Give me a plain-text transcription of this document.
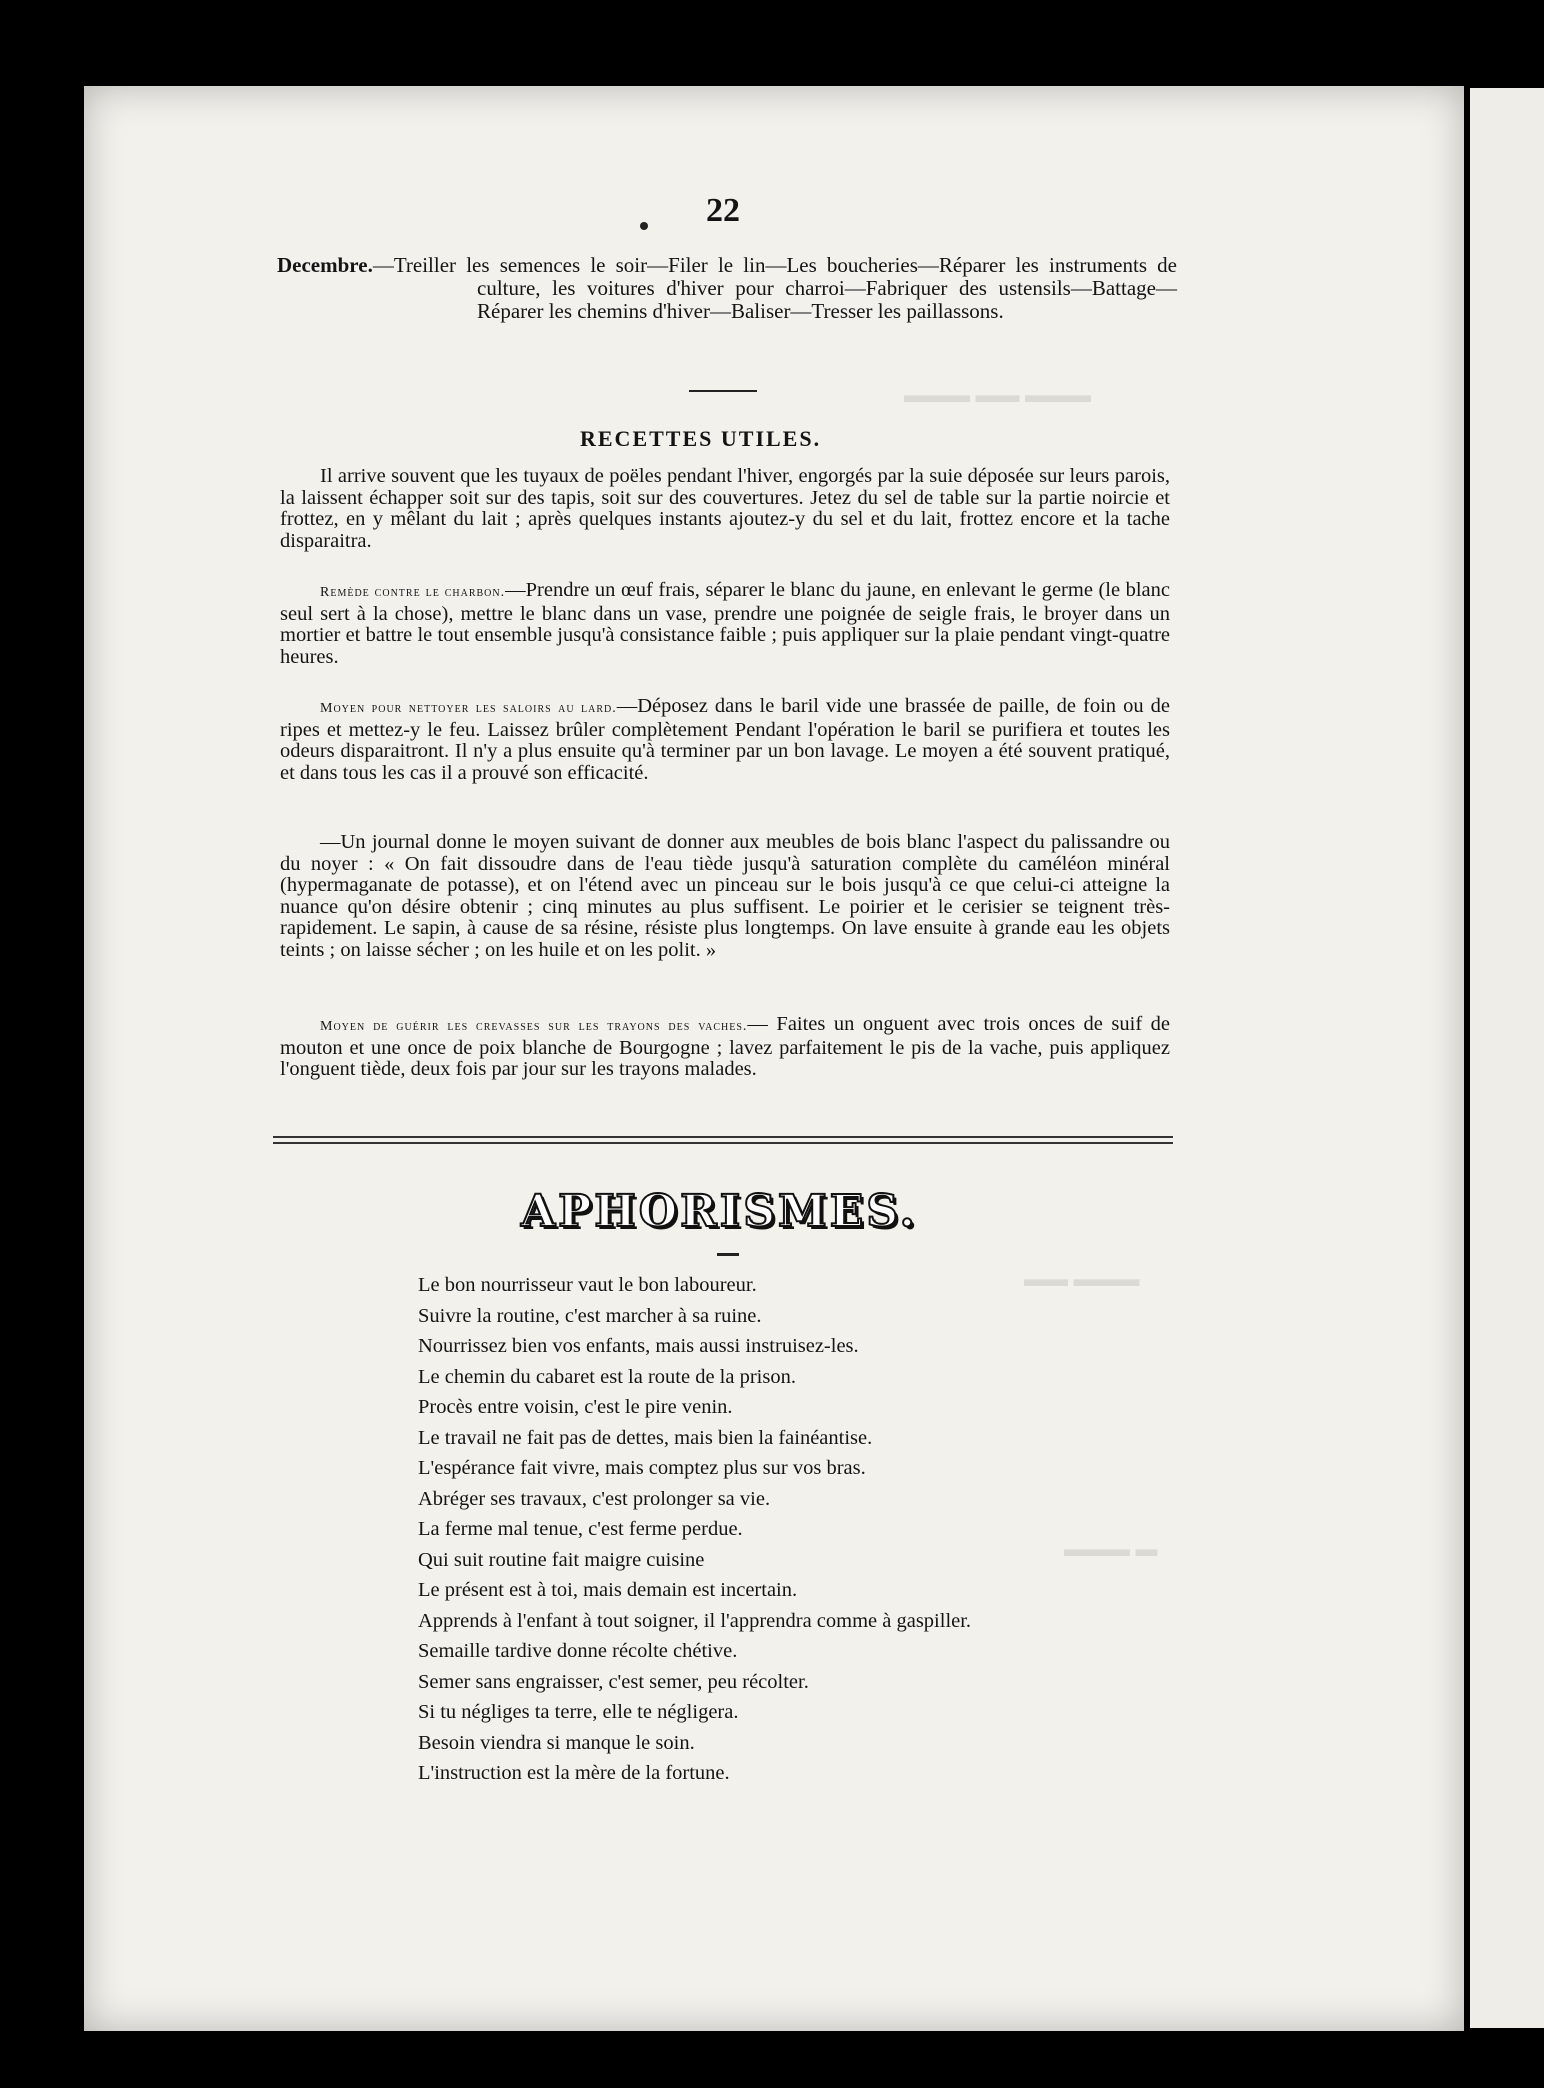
▬▬▬ ▬▬ ▬▬▬
▬▬ ▬▬▬
▬▬▬ ▬
22
Decembre.—Treiller les semences le soir—Filer le lin—Les boucheries—Réparer les instruments de culture, les voitures d'hiver pour charroi—Fabriquer des ustensils—Battage—Réparer les chemins d'hiver—Baliser—Tresser les paillassons.
RECETTES UTILES.

Il arrive souvent que les tuyaux de poëles pendant l'hiver, engorgés par la suie déposée sur leurs parois, la laissent échapper soit sur des tapis, soit sur des couvertures. Jetez du sel de table sur la partie noircie et frottez, en y mêlant du lait ; après quelques instants ajoutez-y du sel et du lait, frottez encore et la tache disparaitra.

Remède contre le charbon.—Prendre un œuf frais, séparer le blanc du jaune, en enlevant le germe (le blanc seul sert à la chose), mettre le blanc dans un vase, prendre une poignée de seigle frais, le broyer dans un mortier et battre le tout ensemble jusqu'à consistance faible ; puis appliquer sur la plaie pendant vingt-quatre heures.

Moyen pour nettoyer les saloirs au lard.—Déposez dans le baril vide une brassée de paille, de foin ou de ripes et mettez-y le feu. Laissez brûler complètement Pendant l'opération le baril se purifiera et toutes les odeurs disparaitront. Il n'y a plus ensuite qu'à terminer par un bon lavage. Le moyen a été souvent pratiqué, et dans tous les cas il a prouvé son efficacité.

—Un journal donne le moyen suivant de donner aux meubles de bois blanc l'aspect du palissandre ou du noyer : « On fait dissoudre dans de l'eau tiède jusqu'à saturation complète du caméléon minéral (hypermaganate de potasse), et on l'étend avec un pinceau sur le bois jusqu'à ce que celui-ci atteigne la nuance qu'on désire obtenir ; cinq minutes au plus suffisent. Le poirier et le cerisier se teignent très-rapidement. Le sapin, à cause de sa résine, résiste plus longtemps. On lave ensuite à grande eau les objets teints ; on laisse sécher ; on les huile et on les polit. »

Moyen de guérir les crevasses sur les trayons des vaches.— Faites un onguent avec trois onces de suif de mouton et une once de poix blanche de Bourgogne ; lavez parfaitement le pis de la vache, puis appliquez l'onguent tiède, deux fois par jour sur les trayons malades.

APHORISMES.
Le bon nourrisseur vaut le bon laboureur.
Suivre la routine, c'est marcher à sa ruine.
Nourrissez bien vos enfants, mais aussi instruisez-les.
Le chemin du cabaret est la route de la prison.
Procès entre voisin, c'est le pire venin.
Le travail ne fait pas de dettes, mais bien la fainéantise.
L'espérance fait vivre, mais comptez plus sur vos bras.
Abréger ses travaux, c'est prolonger sa vie.
La ferme mal tenue, c'est ferme perdue.
Qui suit routine fait maigre cuisine
Le présent est à toi, mais demain est incertain.
Apprends à l'enfant à tout soigner, il l'apprendra comme à gaspiller.
Semaille tardive donne récolte chétive.
Semer sans engraisser, c'est semer, peu récolter.
Si tu négliges ta terre, elle te négligera.
Besoin viendra si manque le soin.
L'instruction est la mère de la fortune.
